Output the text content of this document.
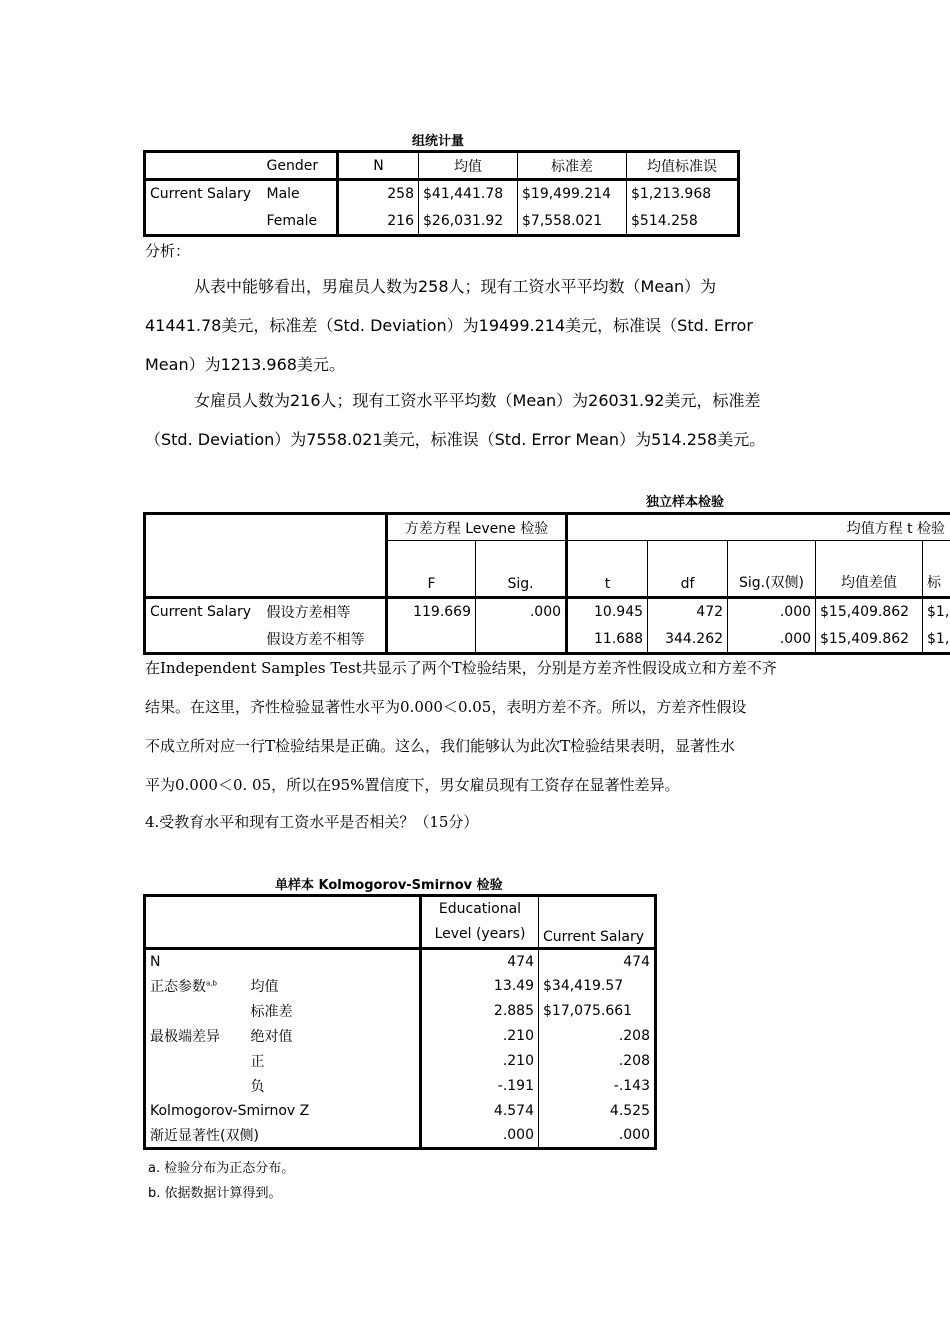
组统计量
	Gender	N	均值	标准差	均值标准误
Current Salary	Male	258	$41,441.78	$19,499.214	$1,213.968
	Female	216	$26,031.92	$7,558.021	$514.258
分析：
从表中能够看出，男雇员人数为258人；现有工资水平平均数（Mean）为
41441.78美元，标准差（Std. Deviation）为19499.214美元，标准误（Std. Error
Mean）为1213.968美元。
女雇员人数为216人；现有工资水平平均数（Mean）为26031.92美元，标准差
（Std. Deviation）为7558.021美元，标准误（Std. Error Mean）为514.258美元。
独立样本检验
		方差方程 Levene 检验		均值方程 t 检验				
		F	Sig.	t	df	Sig.(双侧)	均值差值	标
Current Salary	假设方差相等	119.669	.000	10.945	472	.000	$15,409.862	$1,
	假设方差不相等			11.688	344.262	.000	$15,409.862	$1,
在Independent Samples Test共显示了两个T检验结果，分别是方差齐性假设成立和方差不齐
结果。在这里，齐性检验显著性水平为0.000＜0.05，表明方差不齐。所以，方差齐性假设
不成立所对应一行T检验结果是正确。这么，我们能够认为此次T检验结果表明，显著性水
平为0.000＜0. 05，所以在95%置信度下，男女雇员现有工资存在显著性差异。
4.受教育水平和现有工资水平是否相关？（15分）
单样本 Kolmogorov-Smirnov 检验
		Educational
Level (years)	Current Salary
N		474	474
正态参数$^{a,b}$	均值	13.49	$34,419.57
	标准差	2.885	$17,075.661
最极端差异	绝对值	.210	.208
	正	.210	.208
	负	-.191	-.143
Kolmogorov-Smirnov Z		4.574	4.525
渐近显著性(双侧)		.000	.000
a. 检验分布为正态分布。
b. 依据数据计算得到。
